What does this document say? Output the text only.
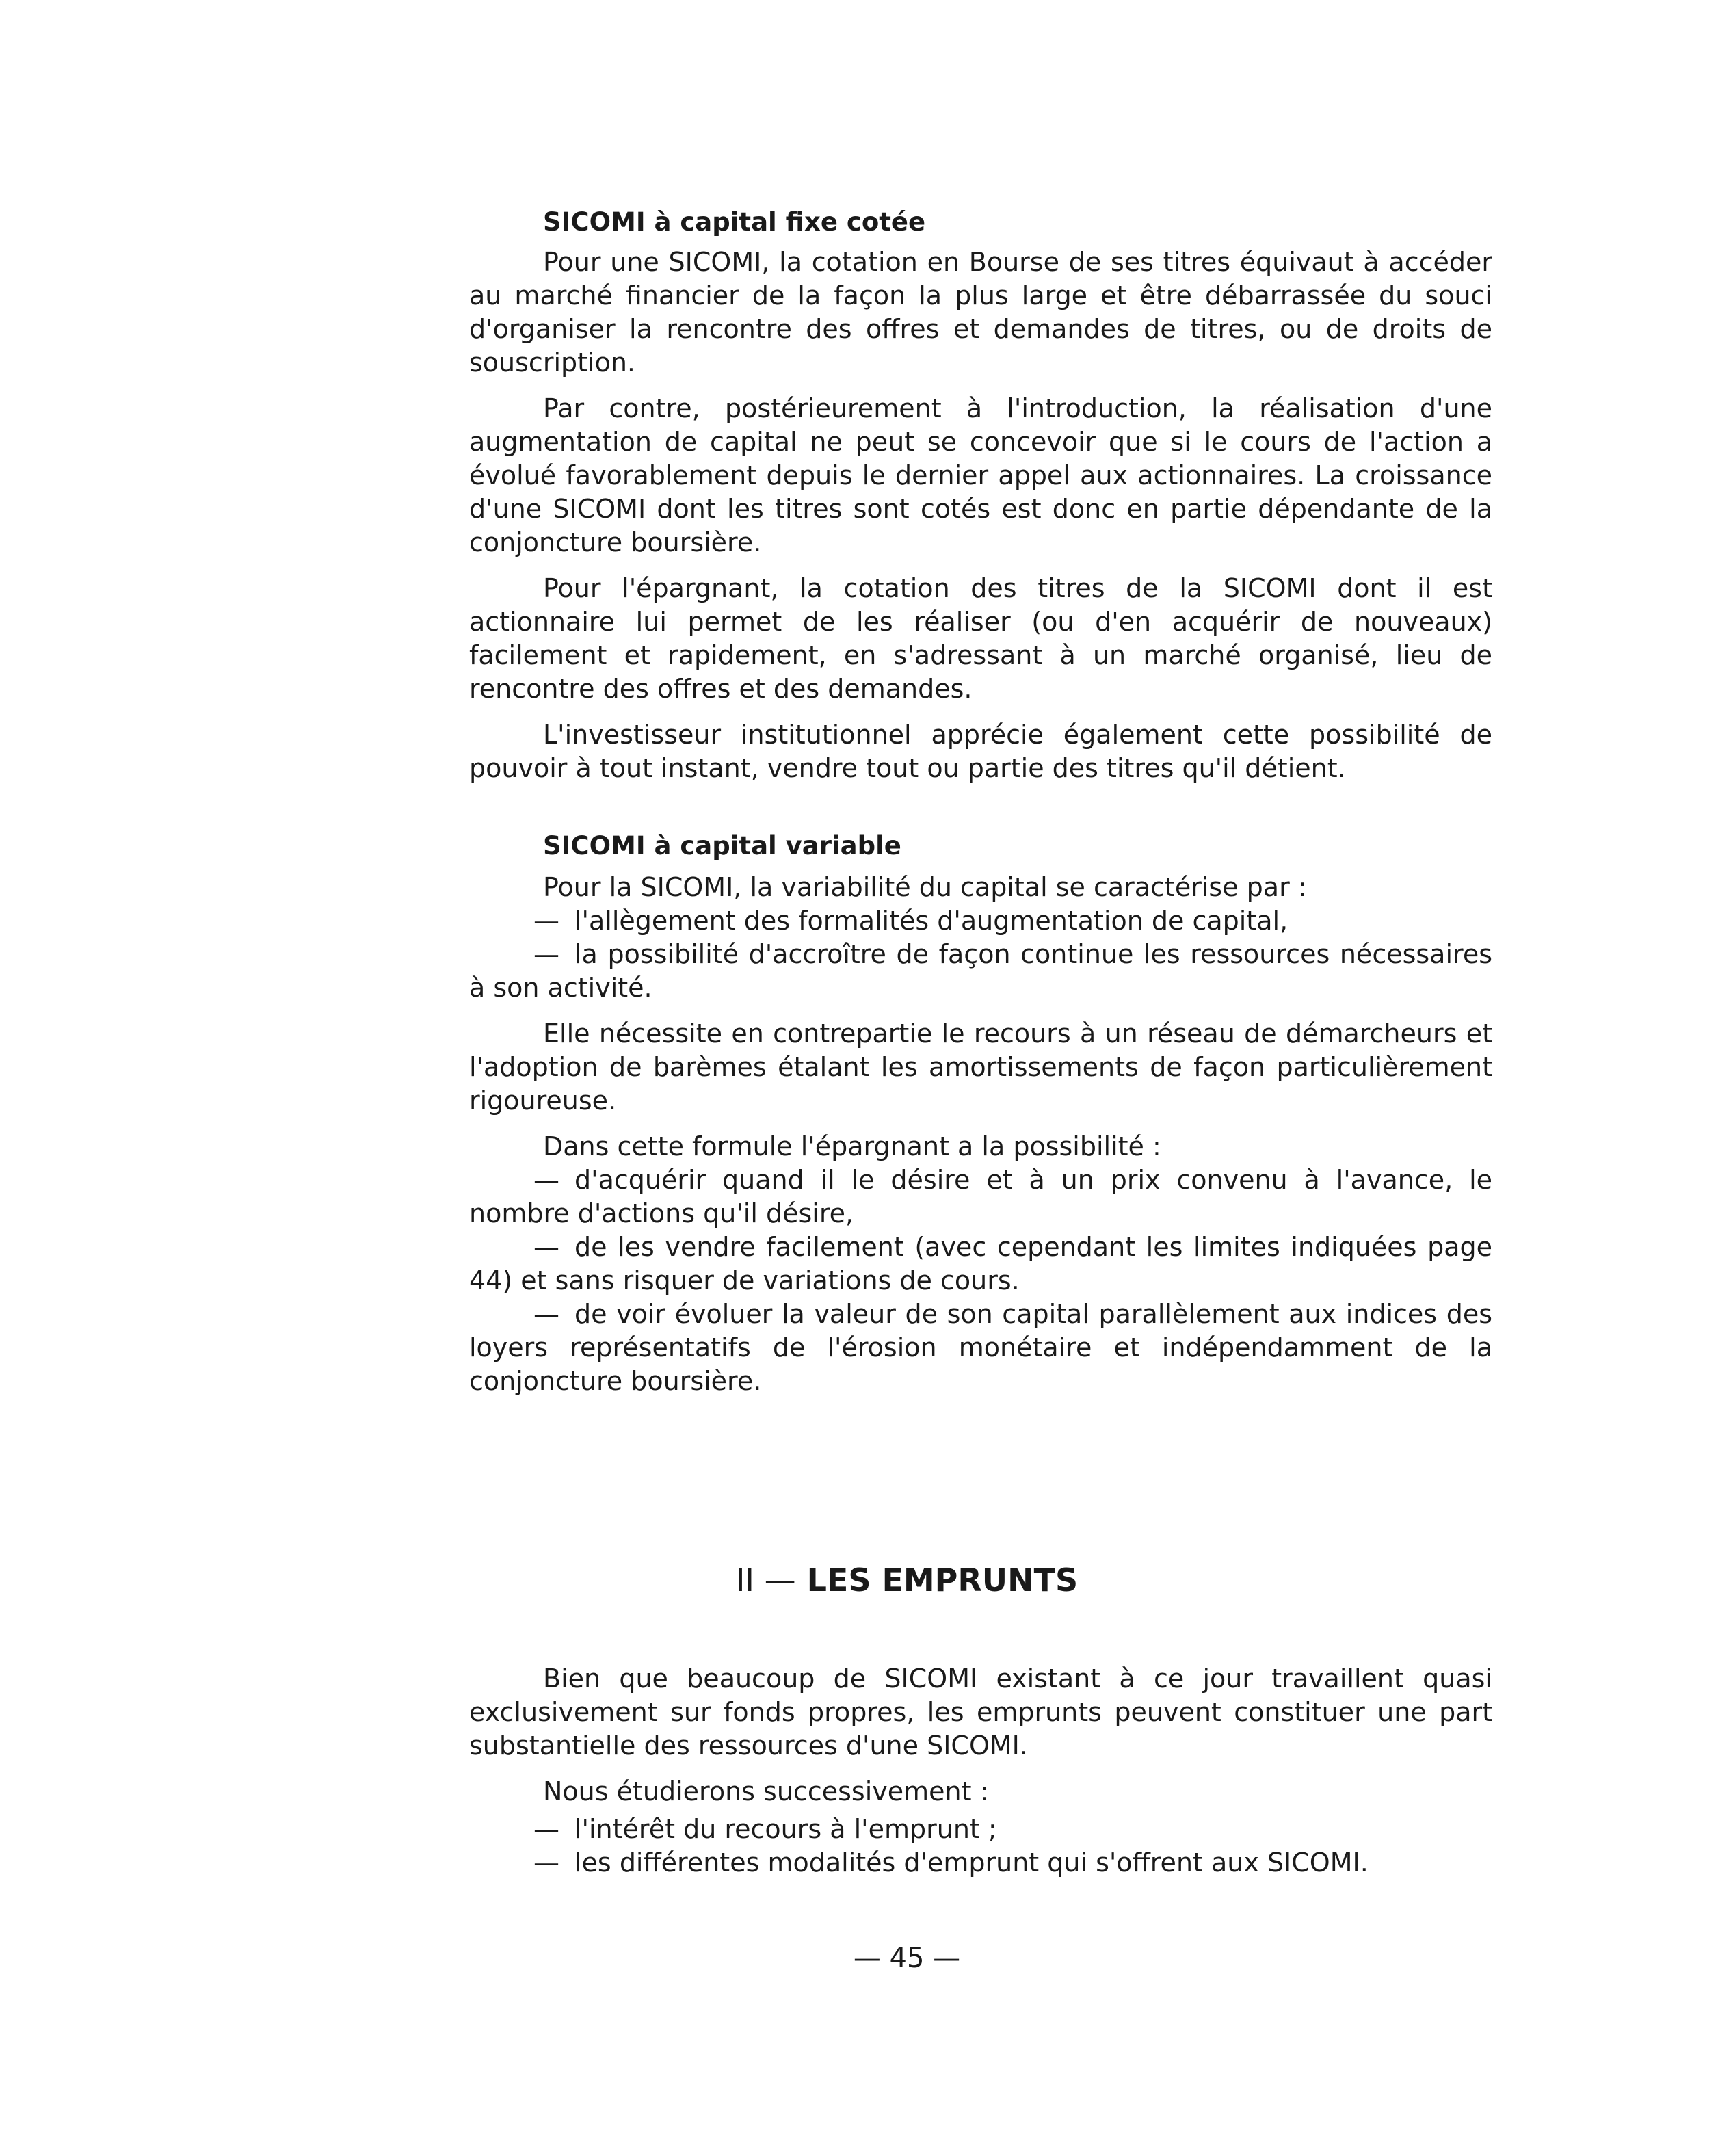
SICOMI à capital fixe cotée

Pour une SICOMI, la cotation en Bourse de ses titres équivaut à accéder au marché financier de la façon la plus large et être débarrassée du souci d'organiser la rencontre des offres et demandes de titres, ou de droits de souscription.

Par contre, postérieurement à l'introduction, la réalisation d'une augmentation de capital ne peut se concevoir que si le cours de l'action a évolué favorablement depuis le dernier appel aux actionnaires. La croissance d'une SICOMI dont les titres sont cotés est donc en partie dépendante de la conjoncture boursière.

Pour l'épargnant, la cotation des titres de la SICOMI dont il est actionnaire lui permet de les réaliser (ou d'en acquérir de nouveaux) facilement et rapidement, en s'adressant à un marché organisé, lieu de rencontre des offres et des demandes.

L'investisseur institutionnel apprécie également cette possibilité de pouvoir à tout instant, vendre tout ou partie des titres qu'il détient.

SICOMI à capital variable

Pour la SICOMI, la variabilité du capital se caractérise par :

— l'allègement des formalités d'augmentation de capital,

— la possibilité d'accroître de façon continue les ressources nécessaires à son activité.

Elle nécessite en contrepartie le recours à un réseau de démarcheurs et l'adoption de barèmes étalant les amortissements de façon particulièrement rigoureuse.

Dans cette formule l'épargnant a la possibilité :

— d'acquérir quand il le désire et à un prix convenu à l'avance, le nombre d'actions qu'il désire,

— de les vendre facilement (avec cependant les limites indiquées page 44) et sans risquer de variations de cours.

— de voir évoluer la valeur de son capital parallèlement aux indices des loyers représentatifs de l'érosion monétaire et indépendamment de la conjoncture boursière.

II — LES EMPRUNTS

Bien que beaucoup de SICOMI existant à ce jour travaillent quasi exclusivement sur fonds propres, les emprunts peuvent constituer une part substantielle des ressources d'une SICOMI.

Nous étudierons successivement :

— l'intérêt du recours à l'emprunt ;

— les différentes modalités d'emprunt qui s'offrent aux SICOMI.

— 45 —
